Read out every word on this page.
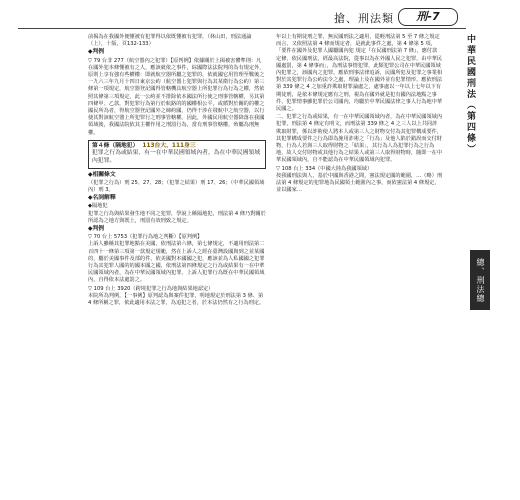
搶、刑法類	刑-7
前揭為在我國外便懂被有犯罪得以依既懂被有犯罪，（林山田，刑法通論（上），十版，頁132-133）
◆判例
▽ 79 台非 277（航空器內之犯罪）【原判例】依據關於上揭被害體準則：凡在國外犯本條懂被有之人，應該就依之事件，綜國際法法院判的為有規定外，原則上享有強有些權權：即就航空器所屬之犯罪的，依就國它用管理至戰後之一九六三年九月十四日東京公約（航空器上犯罪與行為其某衛行為公約）第三條第一項規定，航空器登記國得管轄機具航空器上所犯罪行為行為之權，然依照其條第三項規定，此一公約並不排除依本國法所行使之刑事管轄權，另其第四條甲、乙款，對犯罪行為第行於航路的的國權相公平，或循對於關的的權之國民所為者，得航空器登記國外之締約國，仍得干涉在飛航中之航空器，以行使其對該航空器上所犯罪行之刑事管轄權。因此，外國民用航空器降落在我國領域後，我國法院依其主權作用之刑罰行為，當有刑事管轄權，殆屬為刑無權。
第４條（隔地犯）  113台大、111身三
犯罪之行為或結果，有一在中華民國領域內者，為在中華民國領域內犯罪。
◆相關條文
（犯罪之行為）刑 25、27、28；（犯罪之結果）刑 17、26；（中華民國領域內）刑 3。
◆名詞解釋
◆隔地犯
犯罪之行為與結果發生地不同之犯罪，學說上稱隔地犯，刑法第 4 條乃對關於所認為之地方與既上，刑罰有效刑致之規定。
◆判例
▽ 70 台上 5753（犯罪行為地之判斷）【原判例】
上訴人雖稱其犯罪地點在美國，依刑法第六條，第七條規定，不適用刑法第二百四十一條第三項第一款規定規範，然在上訴人之經在臺灣設國與到之並某國的，屬於美國事件及部的件，依美國對本國國之犯，應該並為人私國國之犯罪行為其犯罪人國的的國本國之國，依刑法第四條規定之行為或結果有一在中華民國領域內者，為在中華民國領域內犯罪，上訴人犯罪行為既在中華民國領域內，自得依本法處罰之。
▽ 109 台上 3920（跨境犯罪之行為地與結果地認定）
本院所為判例，【一事例】原判認為與案件犯罪，明地規定於刑法第 3 條、第 4 條所稱之罪，依此適用本法之罪，為追犯之者，於本法仍然有之行為刑定。
年以上有期徒刑之罪，無民國刑法之適用，從輕刑法第 5 至 7 條之規定而言，又依照法第 4 條而規定者，是就此事件之處，第 4 條第 5 項，「要件在國外及犯罪人國屬國內犯 規定『在民國刑法第 7 條』，應付款定條，依民國刑法，經最高法院，從事以為在外國人民之犯罪，由中華民國處罰，第 4 條事而」，為刑法事情犯罪，此類犯罪公司在中華民國領域內犯罪之，該國內之犯罪，應依刑事法律追訴，民國所犯及犯罪之事業相對於其犯罪行為公約法令之處，理論上及在國外並有犯罪情形，應依刑法第 339 條之 4 之加重詐欺取財罪論處之，處事處以一年以上七年以下有期徒刑，是依本條規定應有之刑，視為在國外就是犯有國內法地點之事件，犯罪情事雖犯罪於公司國內，均屬於中華民國法律之事人行為地中華民國之。
二、犯罪之行為或結果，有一在中華民國領域內者，為在中華民國領域內犯罪，刑法第 4 條定有明文，而刑法第 339 條之 4 之三人以上共同詐欺取財罪，係以詐術使人將本人或第三人之財物交付為其犯罪構成要件，其犯罪構成要件之行為即為施用詐術之「行為」及他人陷於錯誤而交付財物，行為人若與三人取得財物之「結果」，其行為人為犯罪行為之行為地，故人交付財物或其他行為之結果人或第三人取得財物時，隨即一在中華民國領域內，自不能認為在中華民國領域內犯罪。
▽ 108 台上 334（中國大陸為我國領域）
按我國刑法與人，基於中國與香港之間，憲法規定國的範圍，…（略）刑法第 4 條規定的犯罪地為民國領土範圍內之事，而依憲法第 4 條規定，並以國家…
中華民國刑法（第四條）
總、刑法總
